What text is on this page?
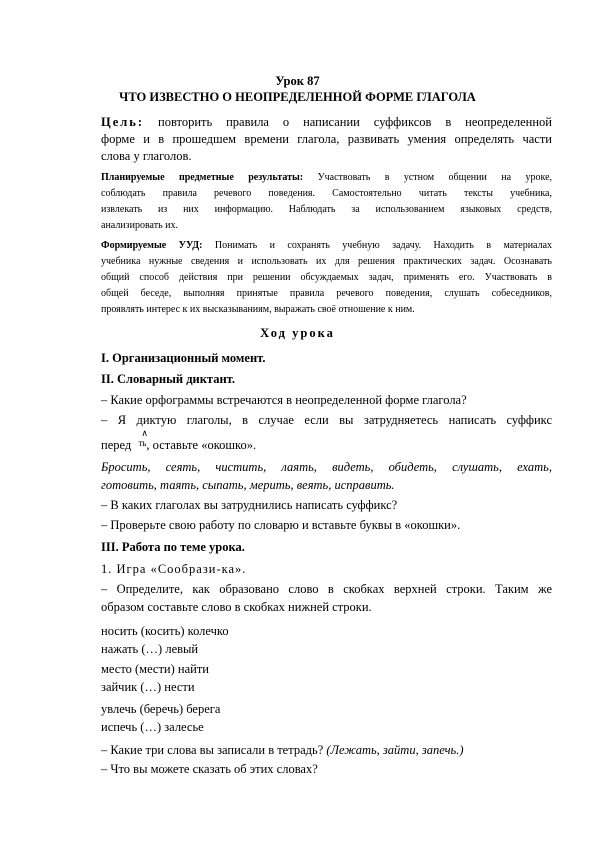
Урок 87
ЧТО ИЗВЕСТНО О НЕОПРЕДЕЛЕННОЙ ФОРМЕ ГЛАГОЛА
Цель: повторить правила о написании суффиксов в неопределенной
форме и в прошедшем времени глагола, развивать умения определять части
слова у глаголов.
Планируемые предметные результаты: Участвовать в устном общении на уроке,
соблюдать правила речевого поведения. Самостоятельно читать тексты учебника,
извлекать из них информацию. Наблюдать за использованием языковых средств,
анализировать их.
Формируемые УУД: Понимать и сохранять учебную задачу. Находить в материалах
учебника нужные сведения и использовать их для решения практических задач. Осознавать
общий способ действия при решении обсуждаемых задач, применять его. Участвовать в
общей беседе, выполняя принятые правила речевого поведения, слушать собеседников,
проявлять интерес к их высказываниям, выражать своё отношение к ним.
Ход урока
I. Организационный момент.
II. Словарный диктант.
– Какие орфограммы встречаются в неопределенной форме глагола?
– Я диктую глаголы, в случае если вы затрудняетесь написать суффикс
перед
∧
$^{ть}$, оставьте «окошко».
Бросить, сеять, чистить, лаять, видеть, обидеть, слушать, ехать,
готовить, таять, сыпать, мерить, веять, исправить.
– В каких глаголах вы затруднились написать суффикс?
– Проверьте свою работу по словарю и вставьте буквы в «окошки».
III. Работа по теме урока.
1. Игра «Сообрази-ка».
– Определите, как образовано слово в скобках верхней строки. Таким же
образом составьте слово в скобках нижней строки.
носить (косить) колечко
нажать (…) левый
место (мести) найти
зайчик (…) нести
увлечь (беречь) берега
испечь (…) залесье
– Какие три слова вы записали в тетрадь? (Лежать, зайти, запечь.)
– Что вы можете сказать об этих словах?
